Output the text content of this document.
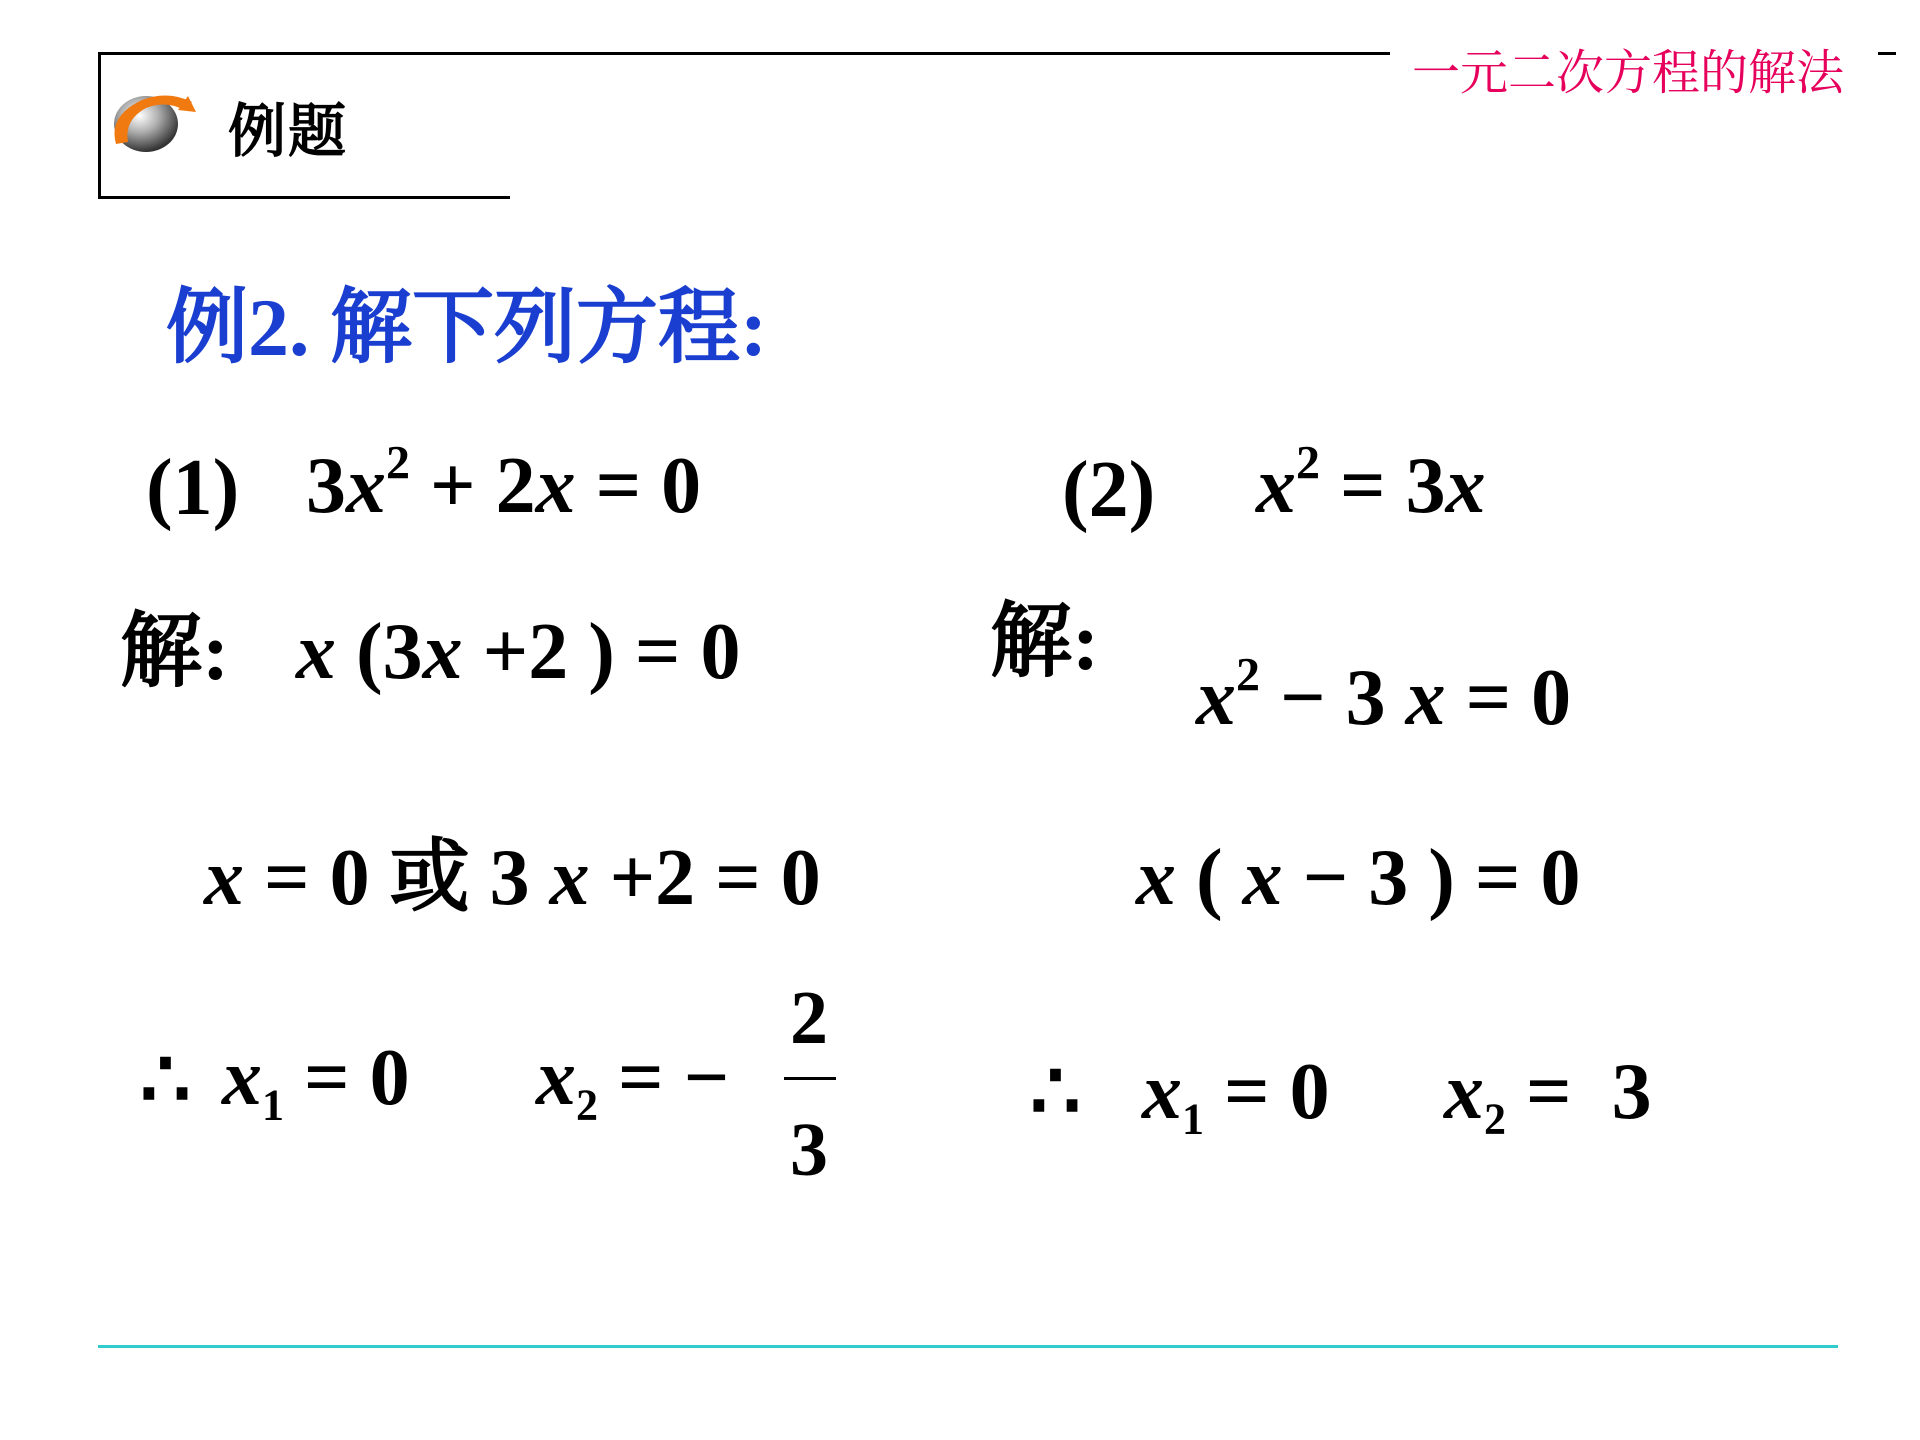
一元二次方程的解法
例题
例2. 解下列方程:
(1) $3x^2 + 2x = 0$
解: x (3x +2 ) = 0
x = 0 或 3 x +2 = 0
∴ $x_1 = 0$ $x_2$ = −
2
3
(2) $x^2 = 3x$
解:
$x^2 - 3$ x = 0
x ( x − 3 ) = 0
∴ $x_1 = 0$ $x_2 = 3$
